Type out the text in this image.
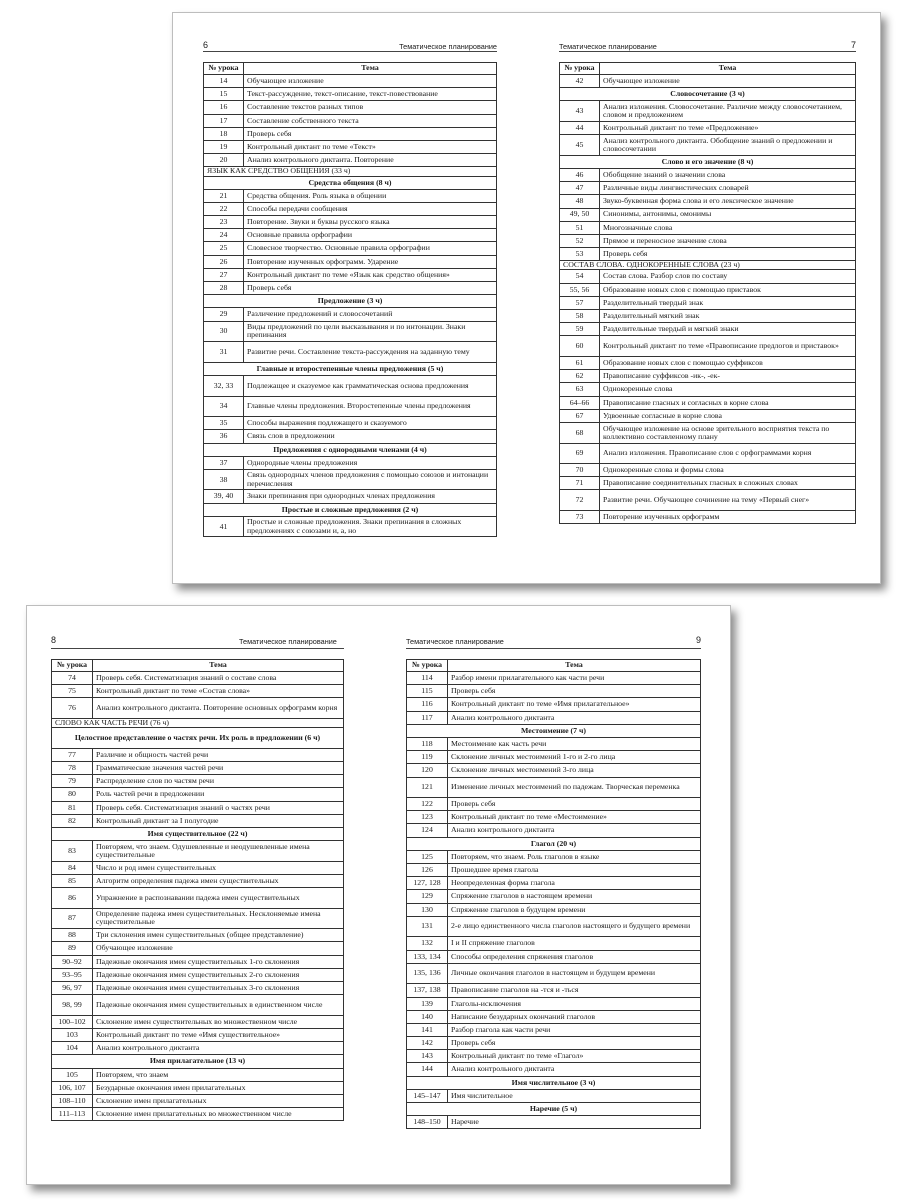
6	Тематическое планирование
№ урока	Тема
14	Обучающее изложение
15	Текст-рассуждение, текст-описание, текст-повествование
16	Составление текстов разных типов
17	Составление собственного текста
18	Проверь себя
19	Контрольный диктант по теме «Текст»
20	Анализ контрольного диктанта. Повторение
ЯЗЫК КАК СРЕДСТВО ОБЩЕНИЯ (33 ч)	
Средства общения (8 ч)	
21	Средства общения. Роль языка в общении
22	Способы передачи сообщения
23	Повторение. Звуки и буквы русского языка
24	Основные правила орфографии
25	Словесное творчество. Основные правила орфографии
26	Повторение изученных орфограмм. Ударение
27	Контрольный диктант по теме «Язык как средство общения»
28	Проверь себя
Предложение (3 ч)	
29	Различение предложений и словосочетаний
30	Виды предложений по цели высказывания и по интонации. Знаки препинания
31	Развитие речи. Составление текста-рассуждения на заданную тему
Главные и второстепенные члены предложения (5 ч)	
32, 33	Подлежащее и сказуемое как грамматическая основа предложения
34	Главные члены предложения. Второстепенные члены предложения
35	Способы выражения подлежащего и сказуемого
36	Связь слов в предложении
Предложения с однородными членами (4 ч)	
37	Однородные члены предложения
38	Связь однородных членов предложения с помощью союзов и интонации перечисления
39, 40	Знаки препинания при однородных членах предложения
Простые и сложные предложения (2 ч)	
41	Простые и сложные предложения. Знаки препинания в сложных предложениях с союзами и, а, но
Тематическое планирование	7
№ урока	Тема
42	Обучающее изложение
Словосочетание (3 ч)	
43	Анализ изложения. Словосочетание. Различие между словосочетанием, словом и предложением
44	Контрольный диктант по теме «Предложение»
45	Анализ контрольного диктанта. Обобщение знаний о предложении и словосочетании
Слово и его значение (8 ч)	
46	Обобщение знаний о значении слова
47	Различные виды лингвистических словарей
48	Звуко-буквенная форма слова и его лексическое значение
49, 50	Синонимы, антонимы, омонимы
51	Многозначные слова
52	Прямое и переносное значение слова
53	Проверь себя
СОСТАВ СЛОВА. ОДНОКОРЕННЫЕ СЛОВА (23 ч)	
54	Состав слова. Разбор слов по составу
55, 56	Образование новых слов с помощью приставок
57	Разделительный твердый знак
58	Разделительный мягкий знак
59	Разделительные твердый и мягкий знаки
60	Контрольный диктант по теме «Правописание предлогов и приставок»
61	Образование новых слов с помощью суффиксов
62	Правописание суффиксов -ик-, -ек-
63	Однокоренные слова
64–66	Правописание гласных и согласных в корне слова
67	Удвоенные согласные в корне слова
68	Обучающее изложение на основе зрительного восприятия текста по коллективно составленному плану
69	Анализ изложения. Правописание слов с орфограммами корня
70	Однокоренные слова и формы слова
71	Правописание соединительных гласных в сложных словах
72	Развитие речи. Обучающее сочинение на тему «Первый снег»
73	Повторение изученных орфограмм
8	Тематическое планирование
№ урока	Тема
74	Проверь себя. Систематизация знаний о составе слова
75	Контрольный диктант по теме «Состав слова»
76	Анализ контрольного диктанта. Повторение основных орфограмм корня
СЛОВО КАК ЧАСТЬ РЕЧИ (76 ч)	
Целостное представление о частях речи. Их роль в предложении (6 ч)	
77	Различие и общность частей речи
78	Грамматические значения частей речи
79	Распределение слов по частям речи
80	Роль частей речи в предложении
81	Проверь себя. Систематизация знаний о частях речи
82	Контрольный диктант за I полугодие
Имя существительное (22 ч)	
83	Повторяем, что знаем. Одушевленные и неодушевленные имена существительные
84	Число и род имен существительных
85	Алгоритм определения падежа имен существительных
86	Упражнение в распознавании падежа имен существительных
87	Определение падежа имен существительных. Несклоняемые имена существительные
88	Три склонения имен существительных (общее представление)
89	Обучающее изложение
90–92	Падежные окончания имен существительных 1-го склонения
93–95	Падежные окончания имен существительных 2-го склонения
96, 97	Падежные окончания имен существительных 3-го склонения
98, 99	Падежные окончания имен существительных в единственном числе
100–102	Склонение имен существительных во множественном числе
103	Контрольный диктант по теме «Имя существительное»
104	Анализ контрольного диктанта
Имя прилагательное (13 ч)	
105	Повторяем, что знаем
106, 107	Безударные окончания имен прилагательных
108–110	Склонение имен прилагательных
111–113	Склонение имен прилагательных во множественном числе
Тематическое планирование	9
№ урока	Тема
114	Разбор имени прилагательного как части речи
115	Проверь себя
116	Контрольный диктант по теме «Имя прилагательное»
117	Анализ контрольного диктанта
Местоимение (7 ч)	
118	Местоимение как часть речи
119	Склонение личных местоимений 1-го и 2-го лица
120	Склонение личных местоимений 3-го лица
121	Изменение личных местоимений по падежам. Творческая переменка
122	Проверь себя
123	Контрольный диктант по теме «Местоимение»
124	Анализ контрольного диктанта
Глагол (20 ч)	
125	Повторяем, что знаем. Роль глаголов в языке
126	Прошедшее время глагола
127, 128	Неопределенная форма глагола
129	Спряжение глаголов в настоящем времени
130	Спряжение глаголов в будущем времени
131	2-е лицо единственного числа глаголов настоящего и будущего времени
132	I и II спряжение глаголов
133, 134	Способы определения спряжения глаголов
135, 136	Личные окончания глаголов в настоящем и будущем времени
137, 138	Правописание глаголов на -тся и -ться
139	Глаголы-исключения
140	Написание безударных окончаний глаголов
141	Разбор глагола как части речи
142	Проверь себя
143	Контрольный диктант по теме «Глагол»
144	Анализ контрольного диктанта
Имя числительное (3 ч)	
145–147	Имя числительное
Наречие (5 ч)	
148–150	Наречие
